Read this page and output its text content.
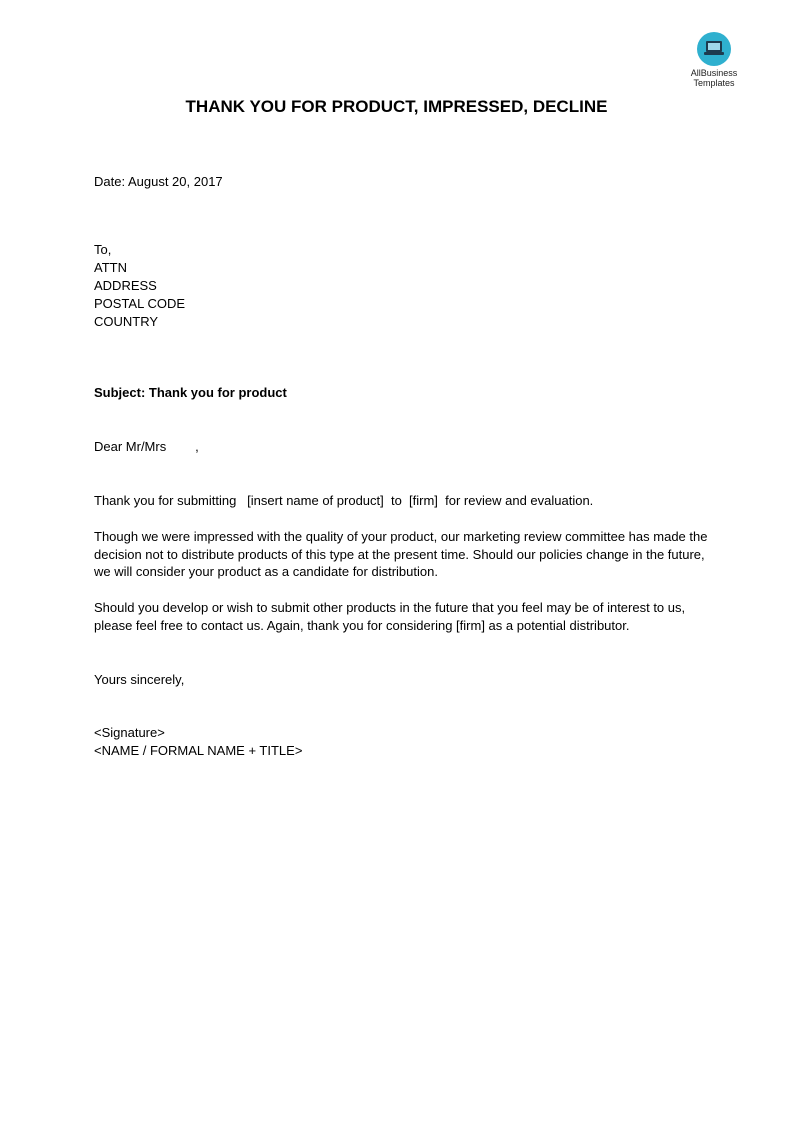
AllBusiness
Templates
THANK YOU FOR PRODUCT, IMPRESSED, DECLINE

Date: August 20, 2017

To,

ATTN

ADDRESS

POSTAL CODE

COUNTRY

Subject: Thank you for product

Dear Mr/Mrs        ,

Thank you for submitting   [insert name of product]  to  [firm]  for review and evaluation.

Though we were impressed with the quality of your product, our marketing review committee has made the decision not to distribute products of this type at the present time. Should our policies change in the future, we will consider your product as a candidate for distribution.

Should you develop or wish to submit other products in the future that you feel may be of interest to us, please feel free to contact us. Again, thank you for considering [firm] as a potential distributor.

Yours sincerely,

<Signature>

<NAME / FORMAL NAME + TITLE>
